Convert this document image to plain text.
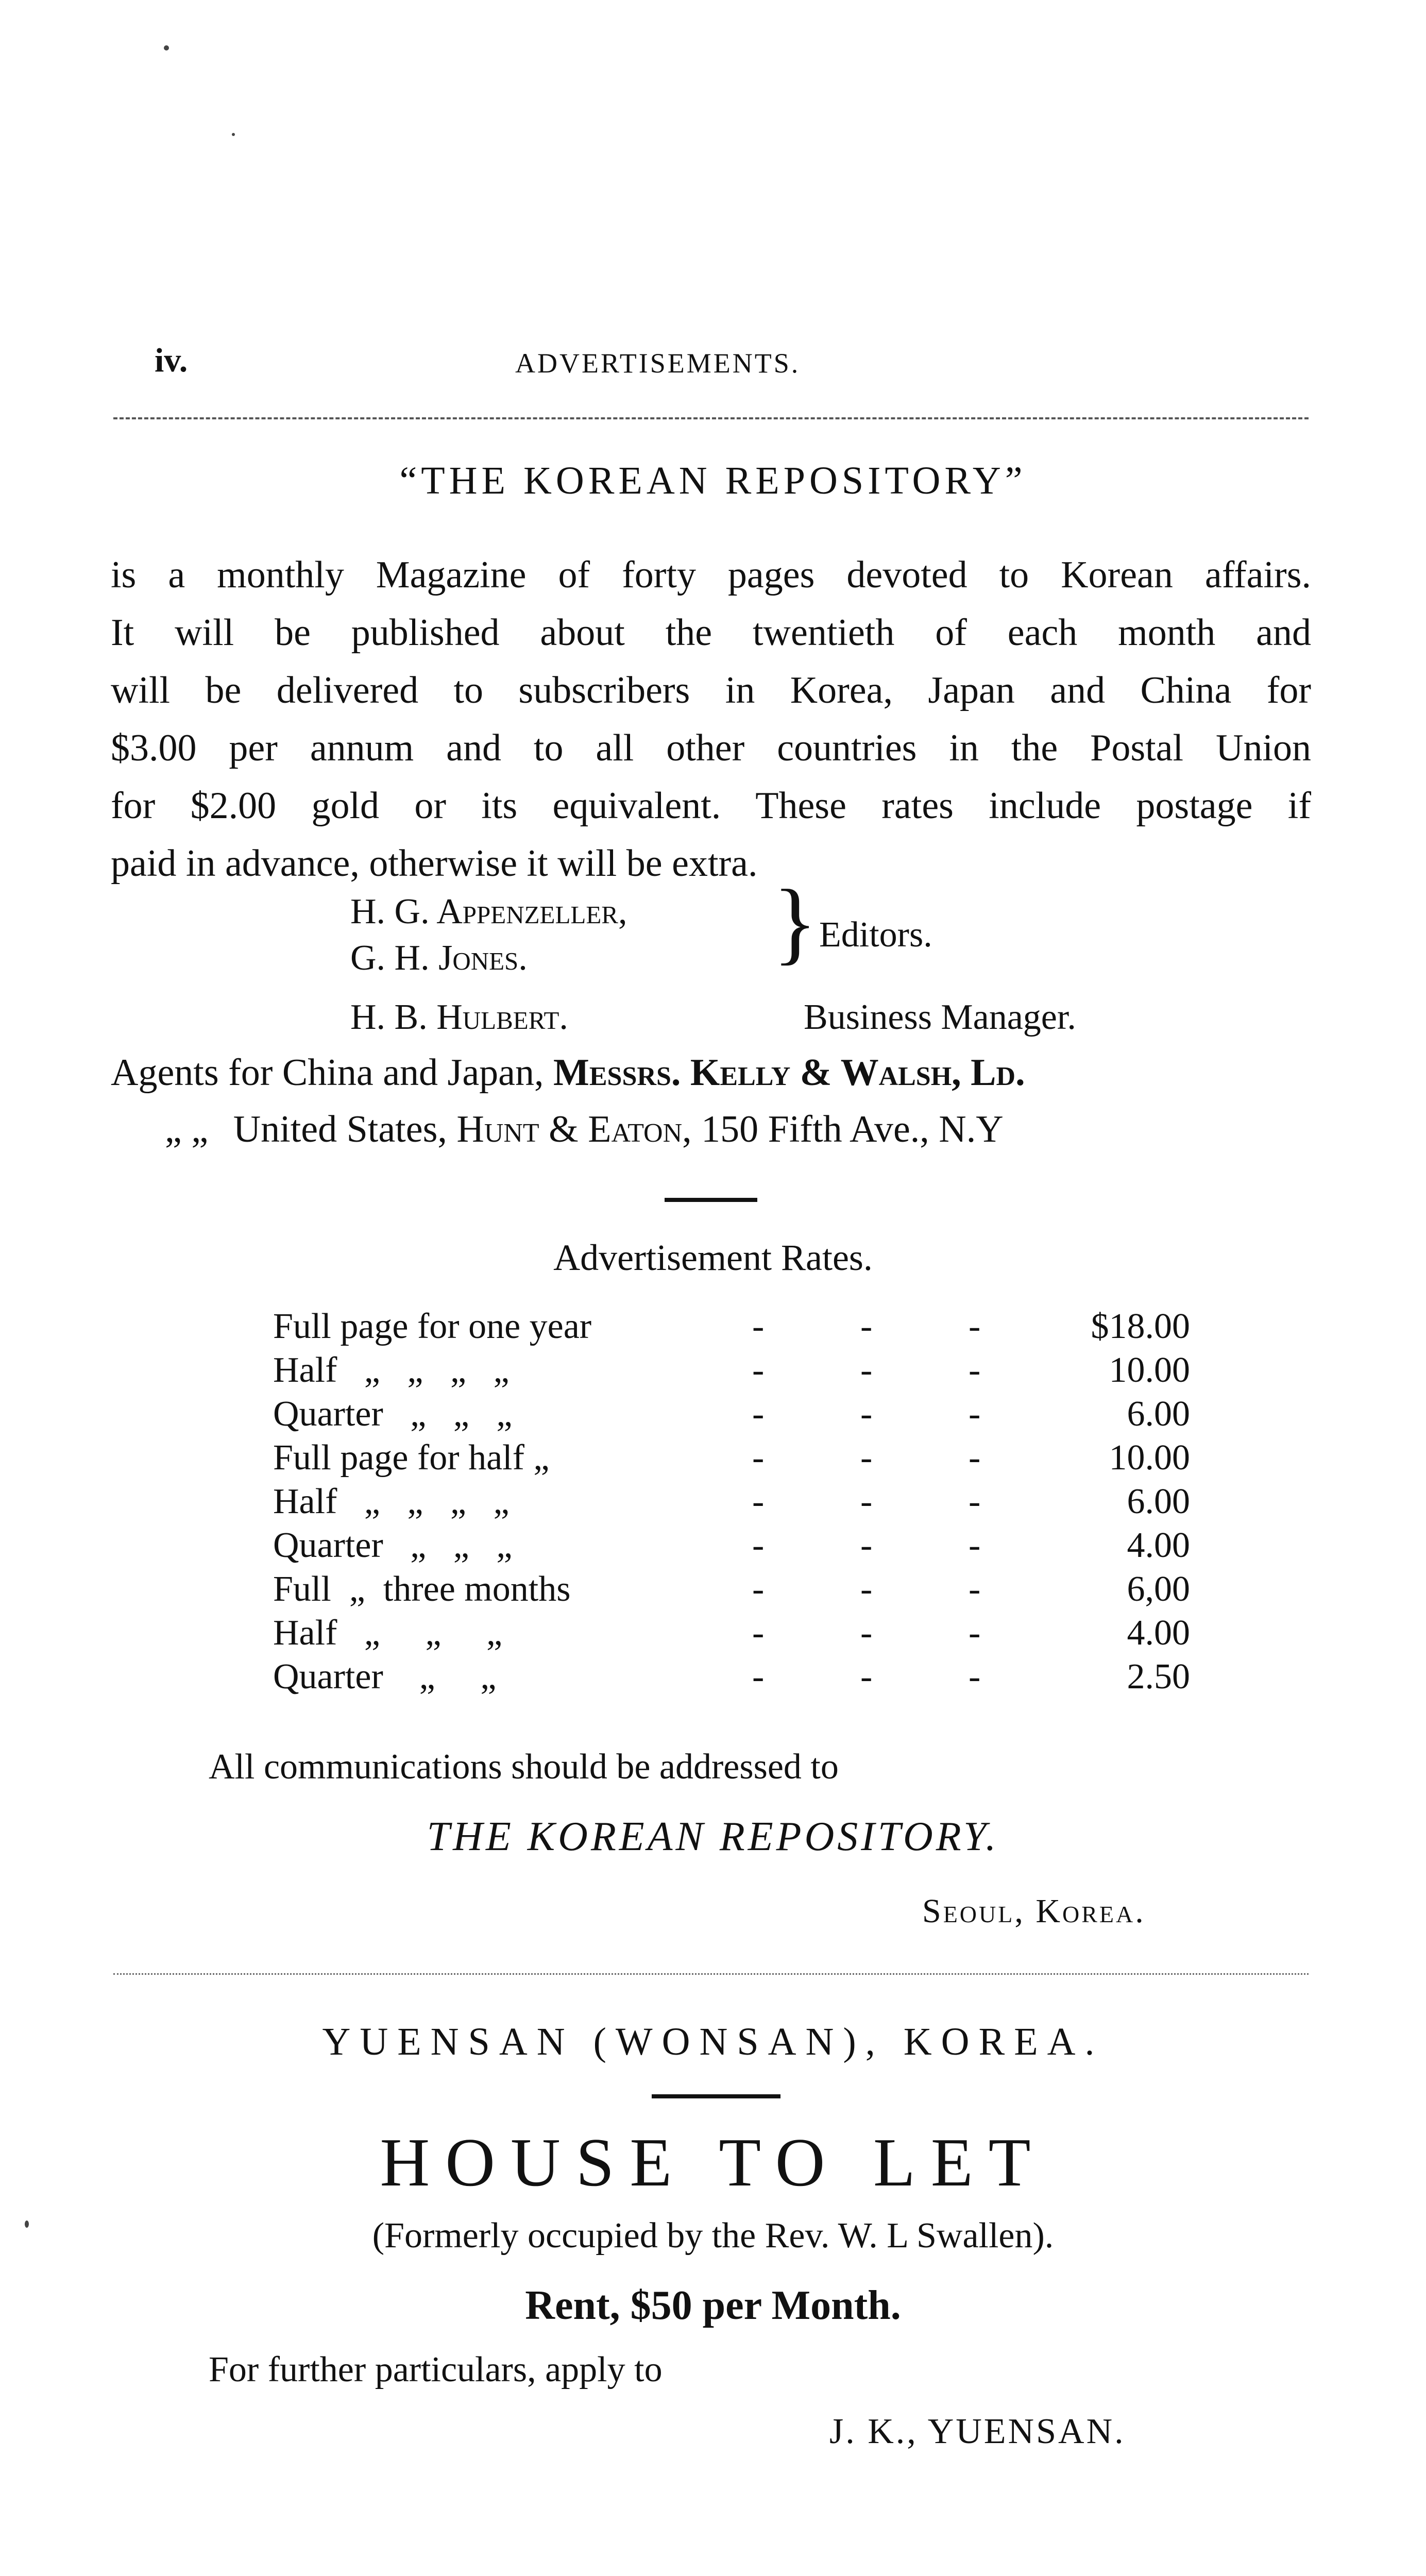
iv.	ADVERTISEMENTS.
“THE KOREAN REPOSITORY”
is a monthly Magazine of forty pages devoted to Korean affairs.
It will be published about the twentieth of each month and
will be delivered to subscribers in Korea, Japan and China for
$3.00 per annum and to all other countries in the Postal Union
for $2.00 gold or its equivalent. These rates include postage if
paid in advance, otherwise it will be extra.
H. G. Appenzeller,
G. H. Jones.	} Editors.
H. B. Hulbert.	Business Manager.
Agents for China and Japan, Messrs. Kelly & Walsh, Ld.
„ „ United States, Hunt & Eaton, 150 Fifth Ave., N.Y
Advertisement Rates.
Full page for one year	-	-	-	$18.00
Half   „   „   „   „	-	-	-	10.00
Quarter   „   „   „	-	-	-	6.00
Full page for half „	-	-	-	10.00
Half   „   „   „   „	-	-	-	6.00
Quarter   „   „   „	-	-	-	4.00
Full  „  three months	-	-	-	6,00
Half   „     „     „	-	-	-	4.00
Quarter    „     „	-	-	-	2.50
All communications should be addressed to
THE KOREAN REPOSITORY.
Seoul, Korea.
YUENSAN (WONSAN), KOREA.
HOUSE TO LET
(Formerly occupied by the Rev. W. L Swallen).
Rent, $50 per Month.
For further particulars, apply to
J. K., YUENSAN.
